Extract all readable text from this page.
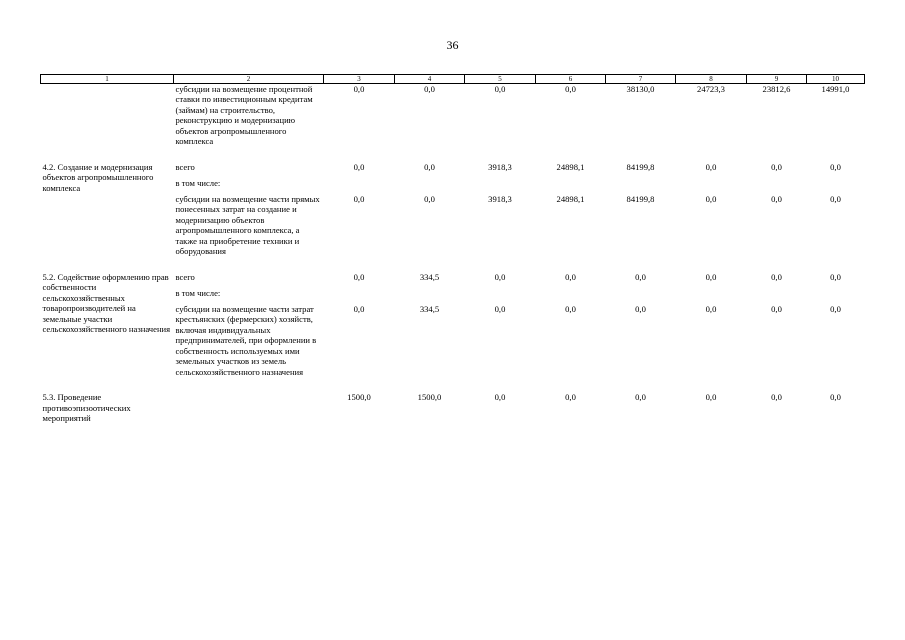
36
1	2	3	4	5	6	7	8	9	10
	субсидии на возмещение процентной ставки по инвестиционным кредитам (займам) на строительство, реконструкцию и модернизацию объектов агропромышленного комплекса	0,0	0,0	0,0	0,0	38130,0	24723,3	23812,6	14991,0
4.2. Создание и модернизация объектов агропромышленного комплекса	всего	0,0	0,0	3918,3	24898,1	84199,8	0,0	0,0	0,0
	в том числе:								
	субсидии на возмещение части прямых понесенных затрат на создание и модернизацию объектов агропромышленного комплекса, а также на приобретение техники и оборудования	0,0	0,0	3918,3	24898,1	84199,8	0,0	0,0	0,0
5.2. Содействие оформлению прав собственности сельскохозяйственных товаропроизводителей на земельные участки сельскохозяйственного назначения	всего	0,0	334,5	0,0	0,0	0,0	0,0	0,0	0,0
	в том числе:								
	субсидии на возмещение части затрат крестьянских (фермерских) хозяйств, включая индивидуальных предпринимателей, при оформлении в собственность используемых ими земельных участков из земель сельскохозяйственного назначения	0,0	334,5	0,0	0,0	0,0	0,0	0,0	0,0
5.3. Проведение противоэпизоотических мероприятий		1500,0	1500,0	0,0	0,0	0,0	0,0	0,0	0,0
